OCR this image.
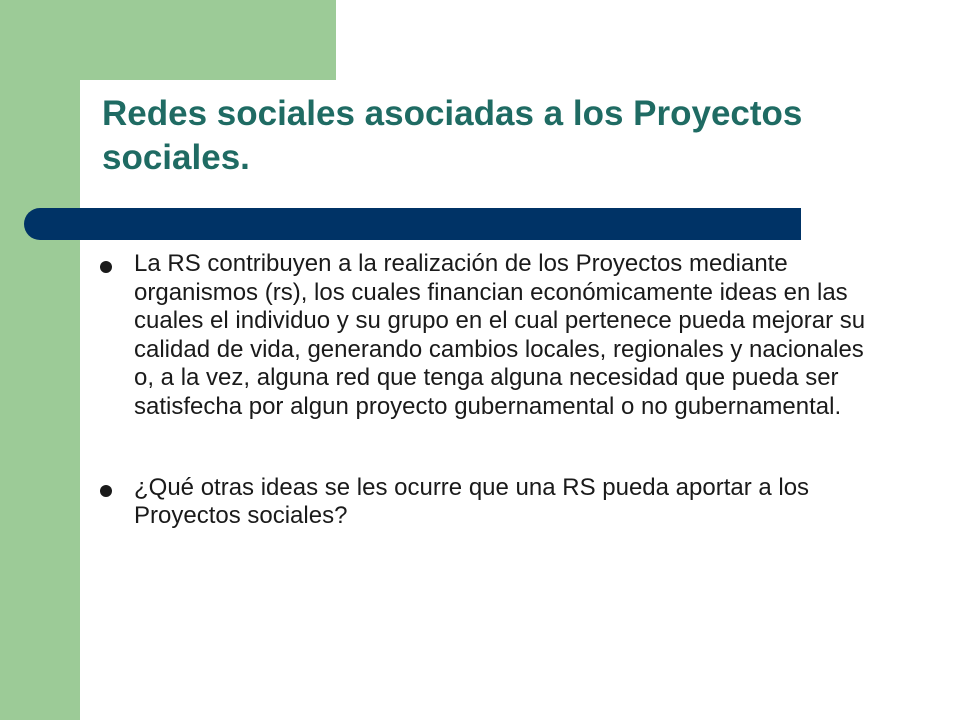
Redes sociales asociadas a los Proyectos sociales.
La RS contribuyen a la realización de los Proyectos mediante organismos (rs), los cuales financian económicamente ideas en las cuales el individuo y su grupo en el cual pertenece pueda mejorar su calidad de vida, generando cambios locales, regionales y nacionales o, a la vez, alguna red que tenga alguna necesidad que pueda ser satisfecha por algun proyecto gubernamental o no gubernamental.
¿Qué otras ideas se les ocurre que una RS pueda aportar a los Proyectos sociales?
